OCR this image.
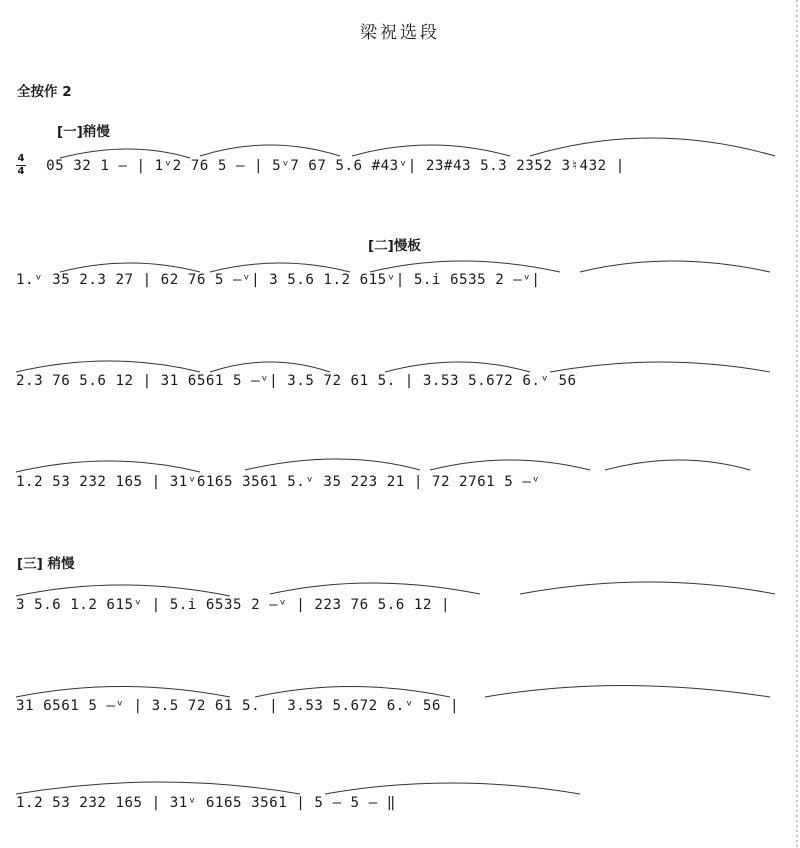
梁祝选段
全按作 2
[一]稍慢
[二]慢板
[三] 稍慢
4
4

05 32 1 — | 1ᵛ2 76 5 — | 5ᵛ7 67 5.6 #43ᵛ| 23#43 5.3 2352 3♮432 |

1.ᵛ 35 2.3 27 | 62 76 5 —ᵛ| 3 5.6 1.2 615ᵛ| 5.i 6535 2 —ᵛ|

2.3 76 5.6 12 | 31 6561 5 —ᵛ| 3.5 72 61 5. | 3.53 5.672 6.ᵛ 56

1.2 53 232 165 | 31ᵛ6165 3561 5.ᵛ 35 223 21 | 72 2761 5 —ᵛ

3 5.6 1.2 615ᵛ | 5.i 6535 2 —ᵛ | 223 76 5.6 12 |

31 6561 5 —ᵛ | 3.5 72 61 5. | 3.53 5.672 6.ᵛ 56 |

1.2 53 232 165 | 31ᵛ 6165 3561 | 5 — 5 — ‖
